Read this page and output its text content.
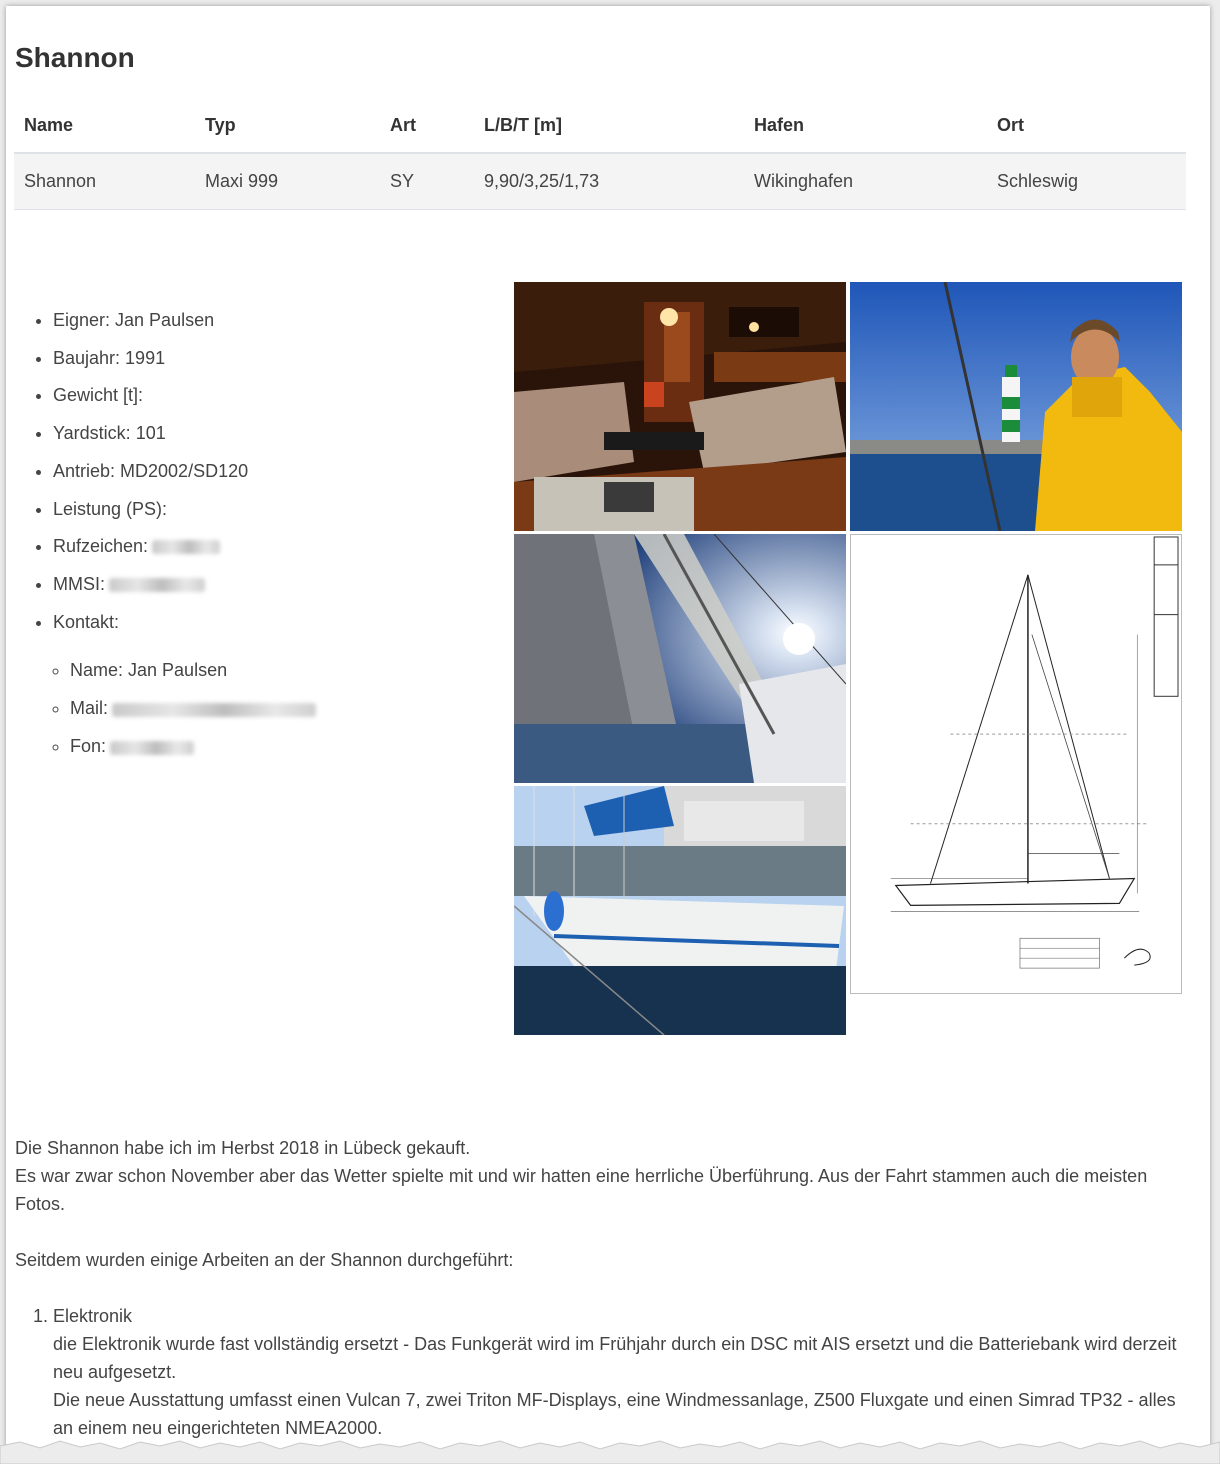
Shannon
Name	Typ	Art	L/B/T [m]	Hafen	Ort
Shannon	Maxi 999	SY	9,90/3,25/1,73	Wikinghafen	Schleswig
• Eigner: Jan Paulsen
• Baujahr: 1991
• Gewicht [t]:
• Yardstick: 101
• Antrieb: MD2002/SD120
• Leistung (PS):
• Rufzeichen:
• MMSI:
• Kontakt:
◦ Name: Jan Paulsen
◦ Mail:
◦ Fon:

Die Shannon habe ich im Herbst 2018 in Lübeck gekauft.

Es war zwar schon November aber das Wetter spielte mit und wir hatten eine herrliche Überführung. Aus der Fahrt stammen auch die meisten Fotos.

Seitdem wurden einige Arbeiten an der Shannon durchgeführt:

1. Elektronik
die Elektronik wurde fast vollständig ersetzt - Das Funkgerät wird im Frühjahr durch ein DSC mit AIS ersetzt und die Batteriebank wird derzeit neu aufgesetzt.
Die neue Ausstattung umfasst einen Vulcan 7, zwei Triton MF-Displays, eine Windmessanlage, Z500 Fluxgate und einen Simrad TP32 - alles an einem neu eingerichteten NMEA2000.
